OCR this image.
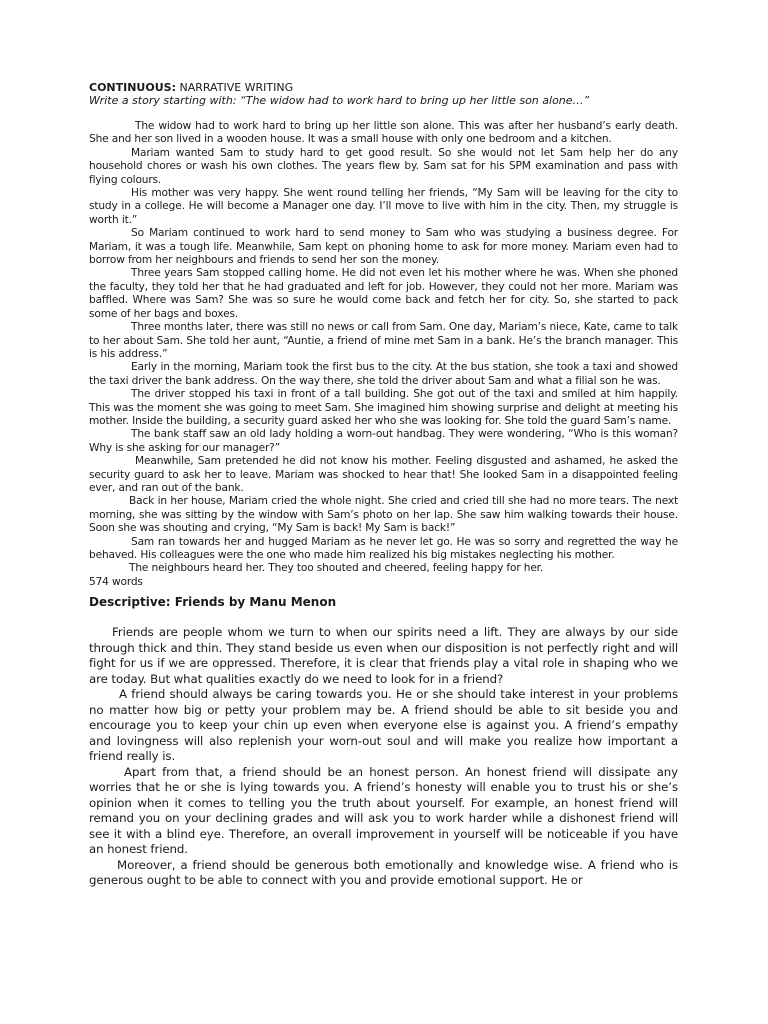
CONTINUOUS: NARRATIVE WRITING

Write a story starting with: “The widow had to work hard to bring up her little son alone…”

The widow had to work hard to bring up her little son alone. This was after her husband’s early death. She and her son lived in a wooden house. It was a small house with only one bedroom and a kitchen.

Mariam wanted Sam to study hard to get good result. So she would not let Sam help her do any household chores or wash his own clothes. The years flew by. Sam sat for his SPM examination and pass with flying colours.

His mother was very happy. She went round telling her friends, “My Sam will be leaving for the city to study in a college. He will become a Manager one day. I’ll move to live with him in the city. Then, my struggle is worth it.”

So Mariam continued to work hard to send money to Sam who was studying a business degree. For Mariam, it was a tough life. Meanwhile, Sam kept on phoning home to ask for more money. Mariam even had to borrow from her neighbours and friends to send her son the money.

Three years Sam stopped calling home. He did not even let his mother where he was. When she phoned the faculty, they told her that he had graduated and left for job. However, they could not her more. Mariam was baffled. Where was Sam? She was so sure he would come back and fetch her for city. So, she started to pack some of her bags and boxes.

Three months later, there was still no news or call from Sam. One day, Mariam’s niece, Kate, came to talk to her about Sam. She told her aunt, “Auntie, a friend of mine met Sam in a bank. He’s the branch manager. This is his address.”

Early in the morning, Mariam took the first bus to the city. At the bus station, she took a taxi and showed the taxi driver the bank address. On the way there, she told the driver about Sam and what a filial son he was.

The driver stopped his taxi in front of a tall building. She got out of the taxi and smiled at him happily. This was the moment she was going to meet Sam. She imagined him showing surprise and delight at meeting his mother. Inside the building, a security guard asked her who she was looking for. She told the guard Sam’s name.

The bank staff saw an old lady holding a worn-out handbag. They were wondering, “Who is this woman? Why is she asking for our manager?”

Meanwhile, Sam pretended he did not know his mother. Feeling disgusted and ashamed, he asked the security guard to ask her to leave. Mariam was shocked to hear that! She looked Sam in a disappointed feeling ever, and ran out of the bank.

Back in her house, Mariam cried the whole night. She cried and cried till she had no more tears. The next morning, she was sitting by the window with Sam’s photo on her lap. She saw him walking towards their house. Soon she was shouting and crying, “My Sam is back! My Sam is back!”

Sam ran towards her and hugged Mariam as he never let go. He was so sorry and regretted the way he behaved. His colleagues were the one who made him realized his big mistakes neglecting his mother.

The neighbours heard her. They too shouted and cheered, feeling happy for her.

574 words

Descriptive: Friends by Manu Menon

Friends are people whom we turn to when our spirits need a lift. They are always by our side through thick and thin. They stand beside us even when our disposition is not perfectly right and will fight for us if we are oppressed. Therefore, it is clear that friends play a vital role in shaping who we are today. But what qualities exactly do we need to look for in a friend?

A friend should always be caring towards you. He or she should take interest in your problems no matter how big or petty your problem may be. A friend should be able to sit beside you and encourage you to keep your chin up even when everyone else is against you. A friend’s empathy and lovingness will also replenish your worn-out soul and will make you realize how important a friend really is.

Apart from that, a friend should be an honest person. An honest friend will dissipate any worries that he or she is lying towards you. A friend’s honesty will enable you to trust his or she’s opinion when it comes to telling you the truth about yourself. For example, an honest friend will remand you on your declining grades and will ask you to work harder while a dishonest friend will see it with a blind eye. Therefore, an overall improvement in yourself will be noticeable if you have an honest friend.

Moreover, a friend should be generous both emotionally and knowledge wise. A friend who is generous ought to be able to connect with you and provide emotional support. He or
